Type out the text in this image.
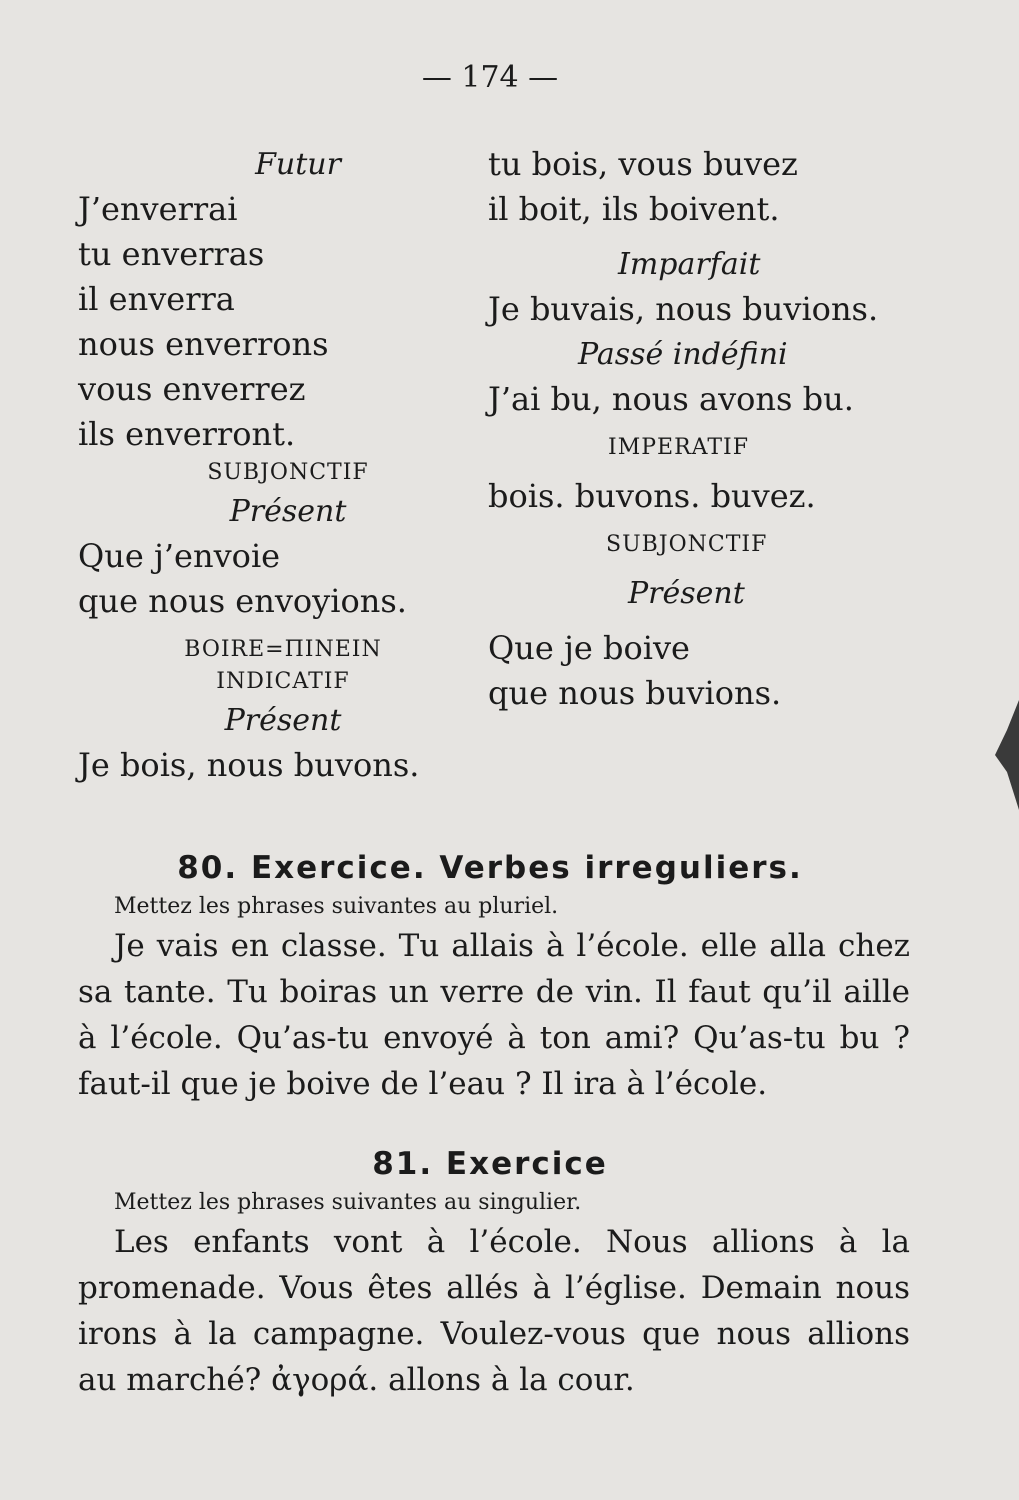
— 174 —

Futur

J’enverrai

tu enverras

il enverra

nous enverrons

vous enverrez

ils enverront.

SUBJONCTIF

Présent

Que j’envoie

que nous envoyions.

BOIRE=ΠΙΝΕΙΝ

INDICATIF

Présent

Je bois, nous buvons.

tu bois, vous buvez

il boit, ils boivent.

Imparfait

Je buvais, nous buvions.

Passé indéfini

J’ai bu, nous avons bu.

IMPERATIF

bois. buvons. buvez.

SUBJONCTIF

Présent

Que je boive

que nous buvions.

80. Exercice. Verbes irreguliers.

Mettez les phrases suivantes au pluriel.

Je vais en classe. Tu allais à l’école. elle alla chez sa tante. Tu boiras un verre de vin. Il faut qu’il aille à l’école. Qu’as-tu envoyé à ton ami? Qu’as-tu bu ? faut-il que je boive de l’eau ? Il ira à l’école.

81. Exercice

Mettez les phrases suivantes au singulier.

Les enfants vont à l’école. Nous allions à la promenade. Vous êtes allés à l’église. Demain nous irons à la campagne. Voulez-vous que nous allions au marché? ἀγορά. allons à la cour.
